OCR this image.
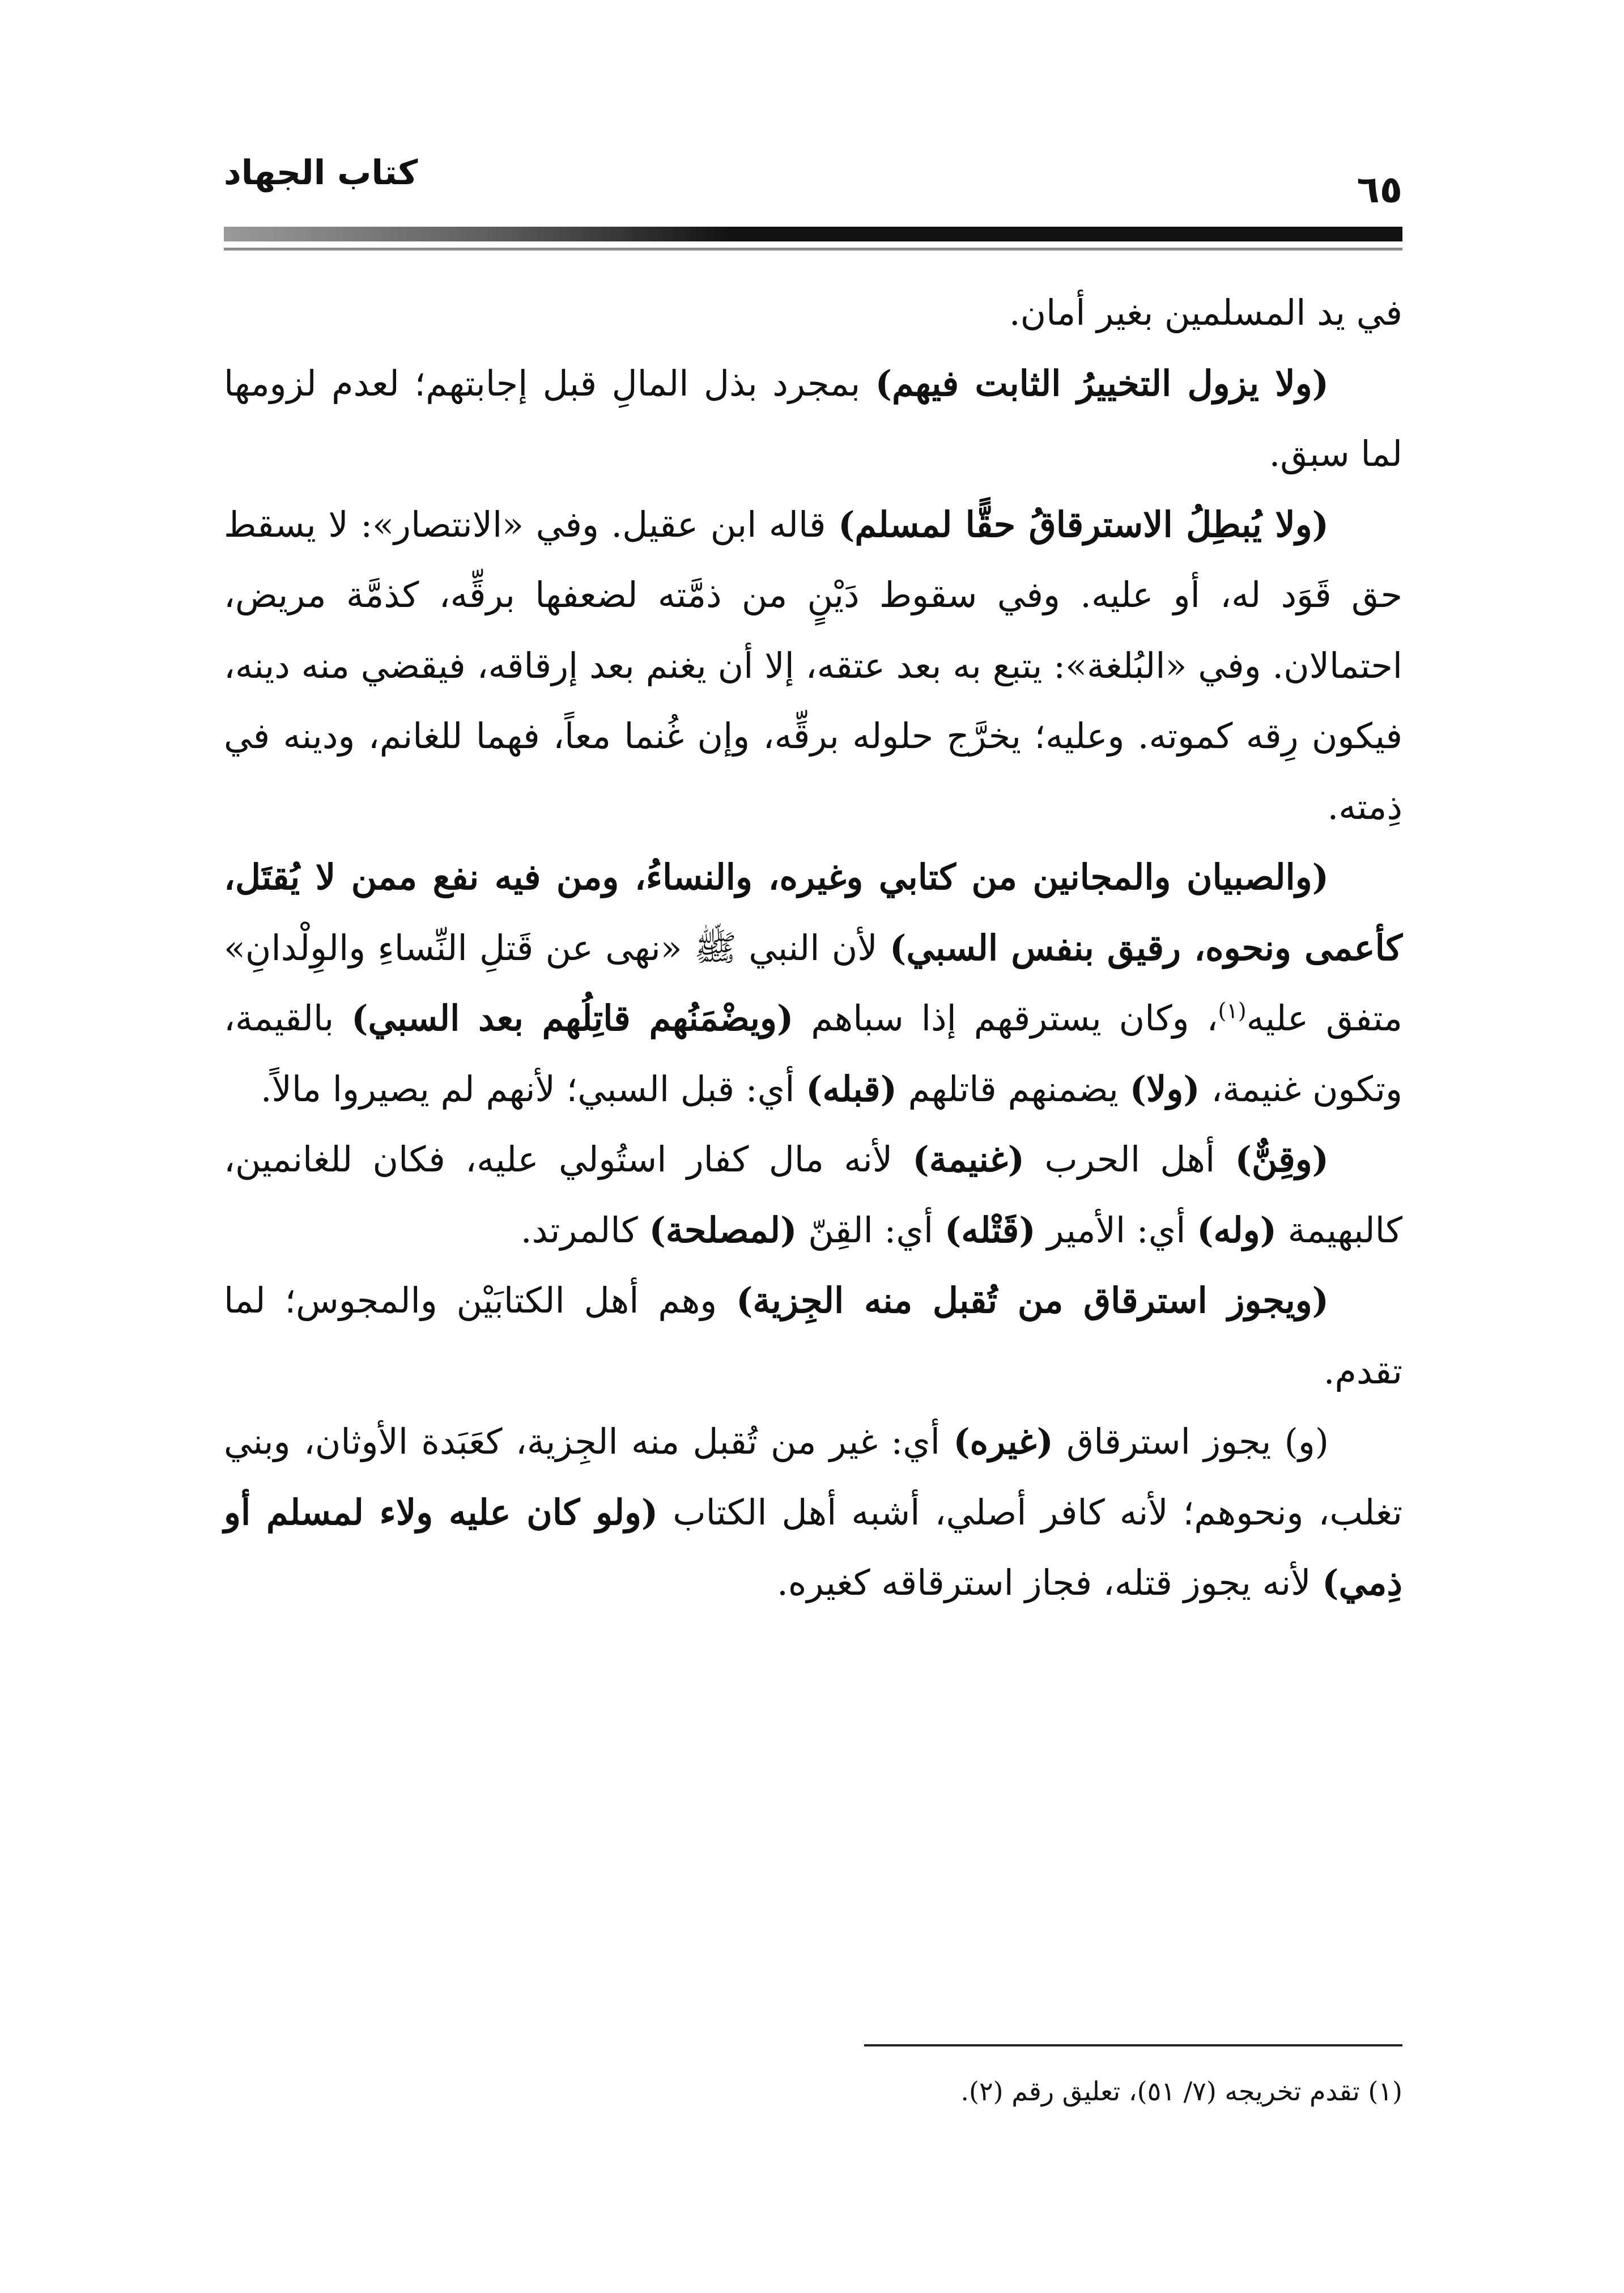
كتاب الجهاد	٦٥

في يد المسلمين بغير أمان.

(ولا يزول التخييرُ الثابت فيهم) بمجرد بذل المالِ قبل إجابتهم؛ لعدم لزومها لما سبق.

(ولا يُبطِلُ الاسترقاقُ حقًّا لمسلم) قاله ابن عقيل. وفي «الانتصار»: لا يسقط حق قَوَد له، أو عليه. وفي سقوط دَيْنٍ من ذمَّته لضعفها برقِّه، كذمَّة مريض، احتمالان. وفي «البُلغة»: يتبع به بعد عتقه، إلا أن يغنم بعد إرقاقه، فيقضي منه دينه، فيكون رِقه كموته. وعليه؛ يخرَّج حلوله برقِّه، وإن غُنما معاً، فهما للغانم، ودينه في ذِمته.

(والصبيان والمجانين من كتابي وغيره، والنساءُ، ومن فيه نفع ممن لا يُقتَل، كأعمى ونحوه، رقيق بنفس السبي) لأن النبي ﷺ «نهى عن قَتلِ النِّساءِ والوِلْدانِ» متفق عليه$^{(١)}$، وكان يسترقهم إذا سباهم (ويضْمَنُهم قاتِلُهم بعد السبي) بالقيمة، وتكون غنيمة، (ولا) يضمنهم قاتلهم (قبله) أي: قبل السبي؛ لأنهم لم يصيروا مالاً.

(وقِنٌّ) أهل الحرب (غنيمة) لأنه مال كفار استُولي عليه، فكان للغانمين، كالبهيمة (وله) أي: الأمير (قَتْله) أي: القِنّ (لمصلحة) كالمرتد.

(ويجوز استرقاق من تُقبل منه الجِزية) وهم أهل الكتابَيْن والمجوس؛ لما تقدم.

(و) يجوز استرقاق (غيره) أي: غير من تُقبل منه الجِزية، كعَبَدة الأوثان، وبني تغلب، ونحوهم؛ لأنه كافر أصلي، أشبه أهل الكتاب (ولو كان عليه ولاء لمسلم أو ذِمي) لأنه يجوز قتله، فجاز استرقاقه كغيره.

(١) تقدم تخريجه (٧/ ٥١)، تعليق رقم (٢).
